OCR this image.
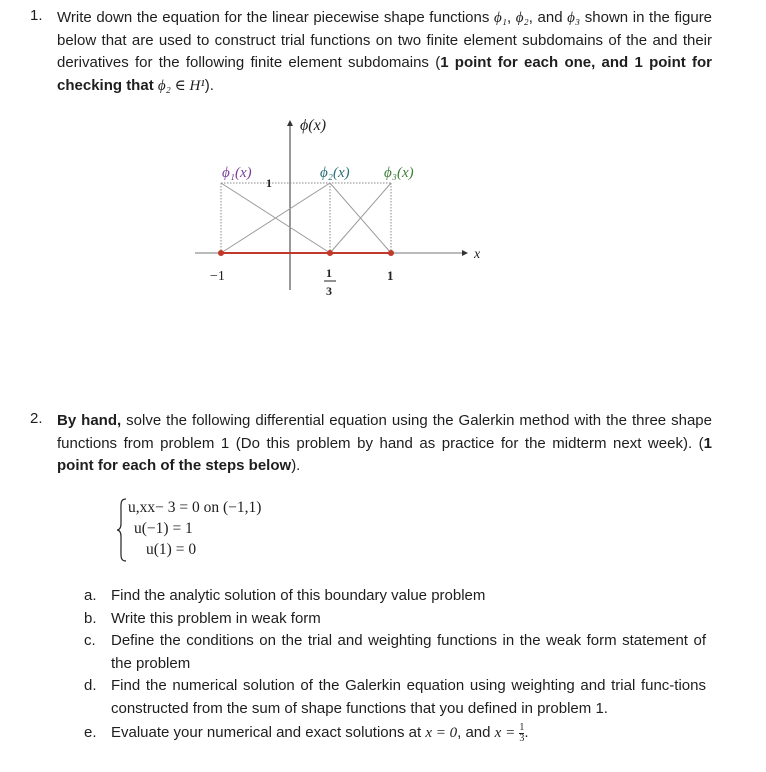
1. Write down the equation for the linear piecewise shape functions ϕ₁, ϕ₂, and ϕ₃ shown in the figure below that are used to construct trial functions on two finite element subdomains of the and their derivatives for the following finite element subdomains (1 point for each one, and 1 point for checking that ϕ₂ ∈ H¹).
ϕ(x)
x
ϕ₁(x)
1
ϕ₂(x) ϕ₃(x)
−1	1
3
1
2. By hand, solve the following differential equation using the Galerkin method with the three shape functions from problem 1 (Do this problem by hand as practice for the midterm next week). (1 point for each of the steps below).
u,xx− 3 = 0 on (−1,1)
u(−1) = 1
u(1) = 0
a. Find the analytic solution of this boundary value problem
b. Write this problem in weak form
c. Define the conditions on the trial and weighting functions in the weak form statement of the problem
d. Find the numerical solution of the Galerkin equation using weighting and trial func-tions constructed from the sum of shape functions that you defined in problem 1.
e. Evaluate your numerical and exact solutions at x = 0, and $x = \frac{1}{3}$ .
